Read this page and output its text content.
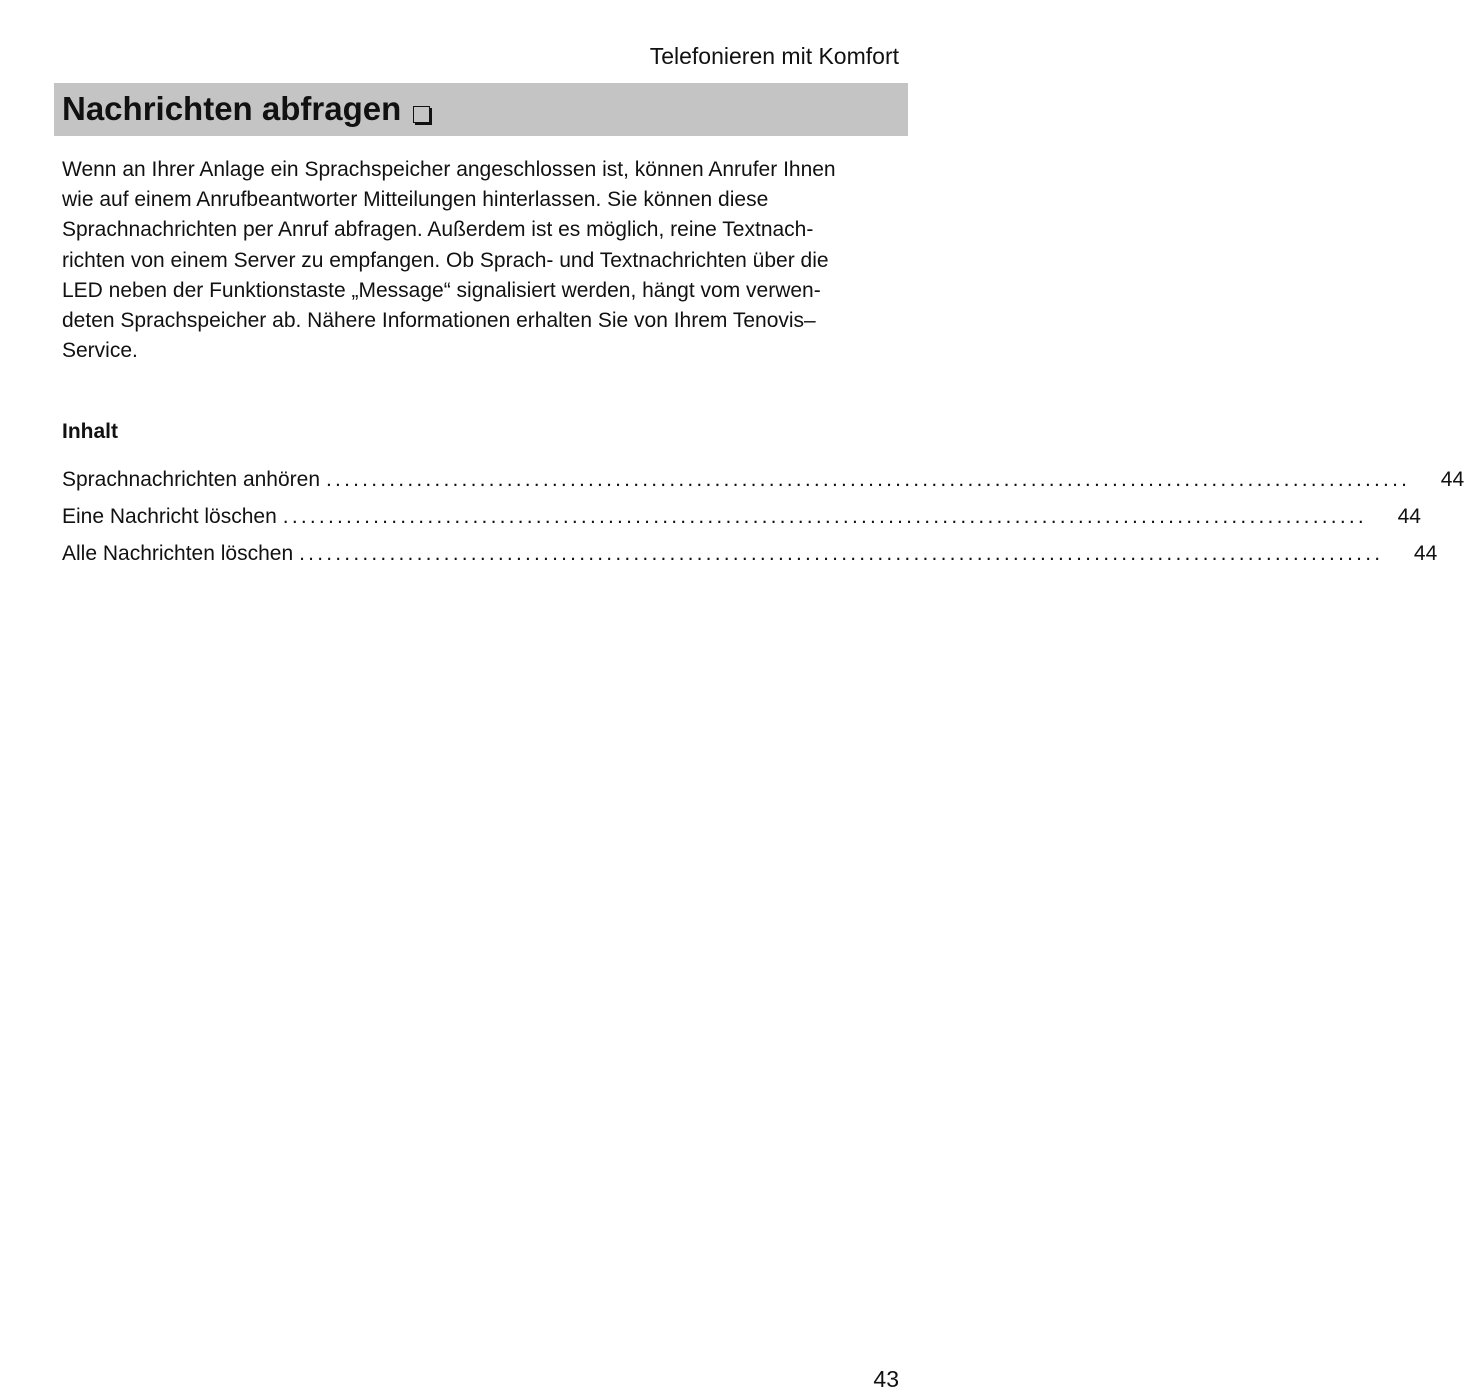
Telefonieren mit Komfort
Nachrichten abfragen

Wenn an Ihrer Anlage ein Sprachspeicher angeschlossen ist, können Anrufer Ihnen
wie auf einem Anrufbeantworter Mitteilungen hinterlassen. Sie können diese
Sprachnachrichten per Anruf abfragen. Außerdem ist es möglich, reine Textnach-
richten von einem Server zu empfangen. Ob Sprach- und Textnachrichten über die
LED neben der Funktionstaste „Message“ signalisiert werden, hängt vom verwen-
deten Sprachspeicher ab. Nähere Informationen erhalten Sie von Ihrem Tenovis–
Service.

Inhalt
Sprachnachrichten anhören ........................................................................................................................	44
Eine Nachricht löschen ........................................................................................................................	44
Alle Nachrichten löschen ........................................................................................................................	44
43
